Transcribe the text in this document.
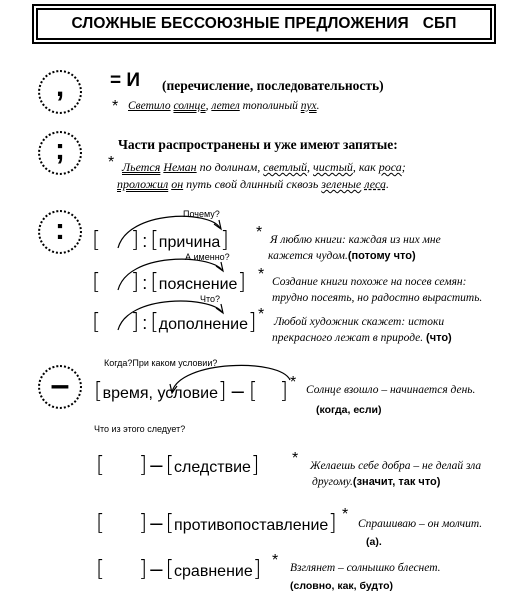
СЛОЖНЫЕ БЕССОЮЗНЫЕ ПРЕДЛОЖЕНИЯ СБП
, = И (перечисление, последовательность)
* Светило солнце, летел тополиный пух.
;	Части распространены и уже имеют запятые:
* Льется Неман по долинам, светлый, чистый, как роса;
проложил он путь свой длинный сквозь зеленые леса.
:	Почему?
[ ] : [причина] * Я люблю книги: каждая из них мне
кажется чудом.(потому что)
А именно?
[ ] : [пояснение] * Создание книги похоже на посев семян:
трудно посеять, но радостно вырастить.
Что?
[ ] : [дополнение] * Любой художник скажет: истоки
прекрасного лежат в природе. (что)
–
Когда?При каком условии?
[время, условие] – [ ] * Солнце взошло – начинается день.
(когда, если)
Что из этого следует?
[ ] – [следствие] * Желаешь себе добра – не делай зла
другому.(значит, так что)
[ ] – [противопоставление] *
Спрашиваю – он молчит.
(а).
[ ] – [сравнение] * Взглянет – солнышко блеснет.
(словно, как, будто)
